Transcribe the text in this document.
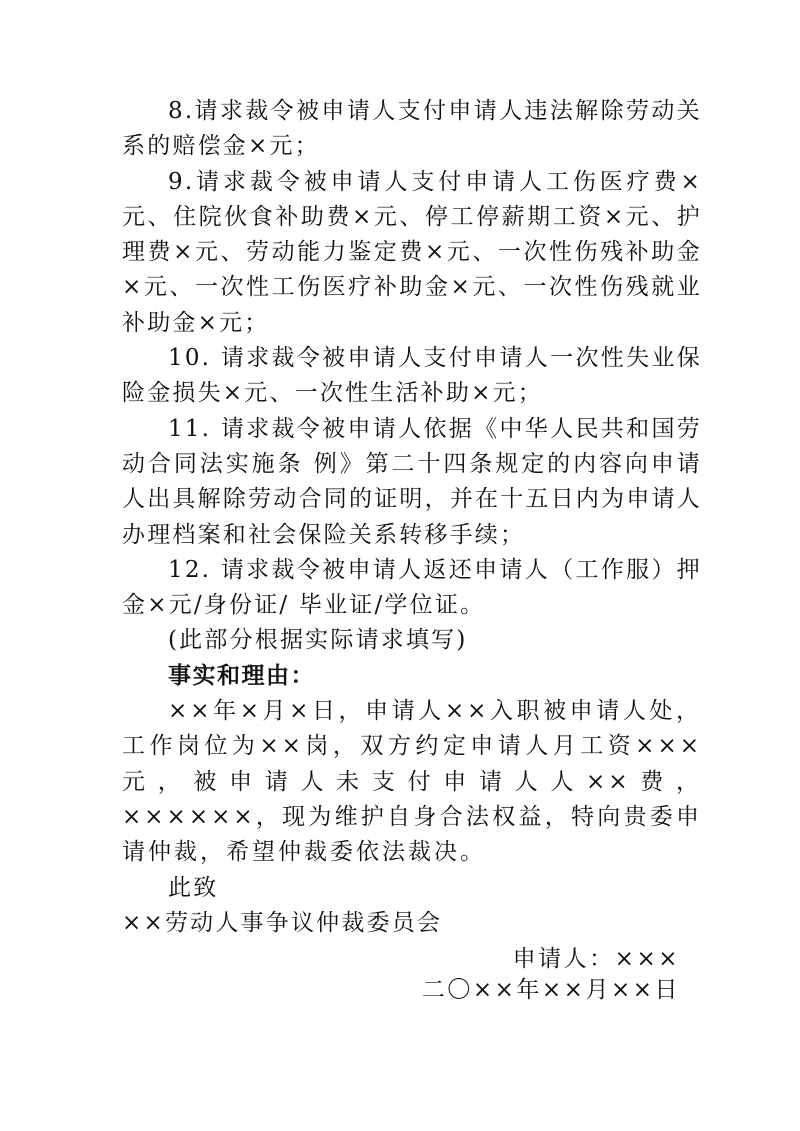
8.请求裁令被申请人支付申请人违法解除劳动关系的赔偿金×元；

9.请求裁令被申请人支付申请人工伤医疗费×元、住院伙食补助费×元、停工停薪期工资×元、护理费×元、劳动能力鉴定费×元、一次性伤残补助金×元、一次性工伤医疗补助金×元、一次性伤残就业补助金×元；

10. 请求裁令被申请人支付申请人一次性失业保险金损失×元、一次性生活补助×元；

11. 请求裁令被申请人依据《中华人民共和国劳动合同法实施条 例》第二十四条规定的内容向申请人出具解除劳动合同的证明，并在十五日内为申请人办理档案和社会保险关系转移手续；

12. 请求裁令被申请人返还申请人（工作服）押金×元/身份证/ 毕业证/学位证。

(此部分根据实际请求填写)

事实和理由：

××年×月×日，申请人××入职被申请人处，工作岗位为××岗，双方约定申请人月工资×××元，被申请人未支付申请人人××费，××××××，现为维护自身合法权益，特向贵委申请仲裁，希望仲裁委依法裁决。

此致

××劳动人事争议仲裁委员会

申请人：×××
二〇××年××月××日
